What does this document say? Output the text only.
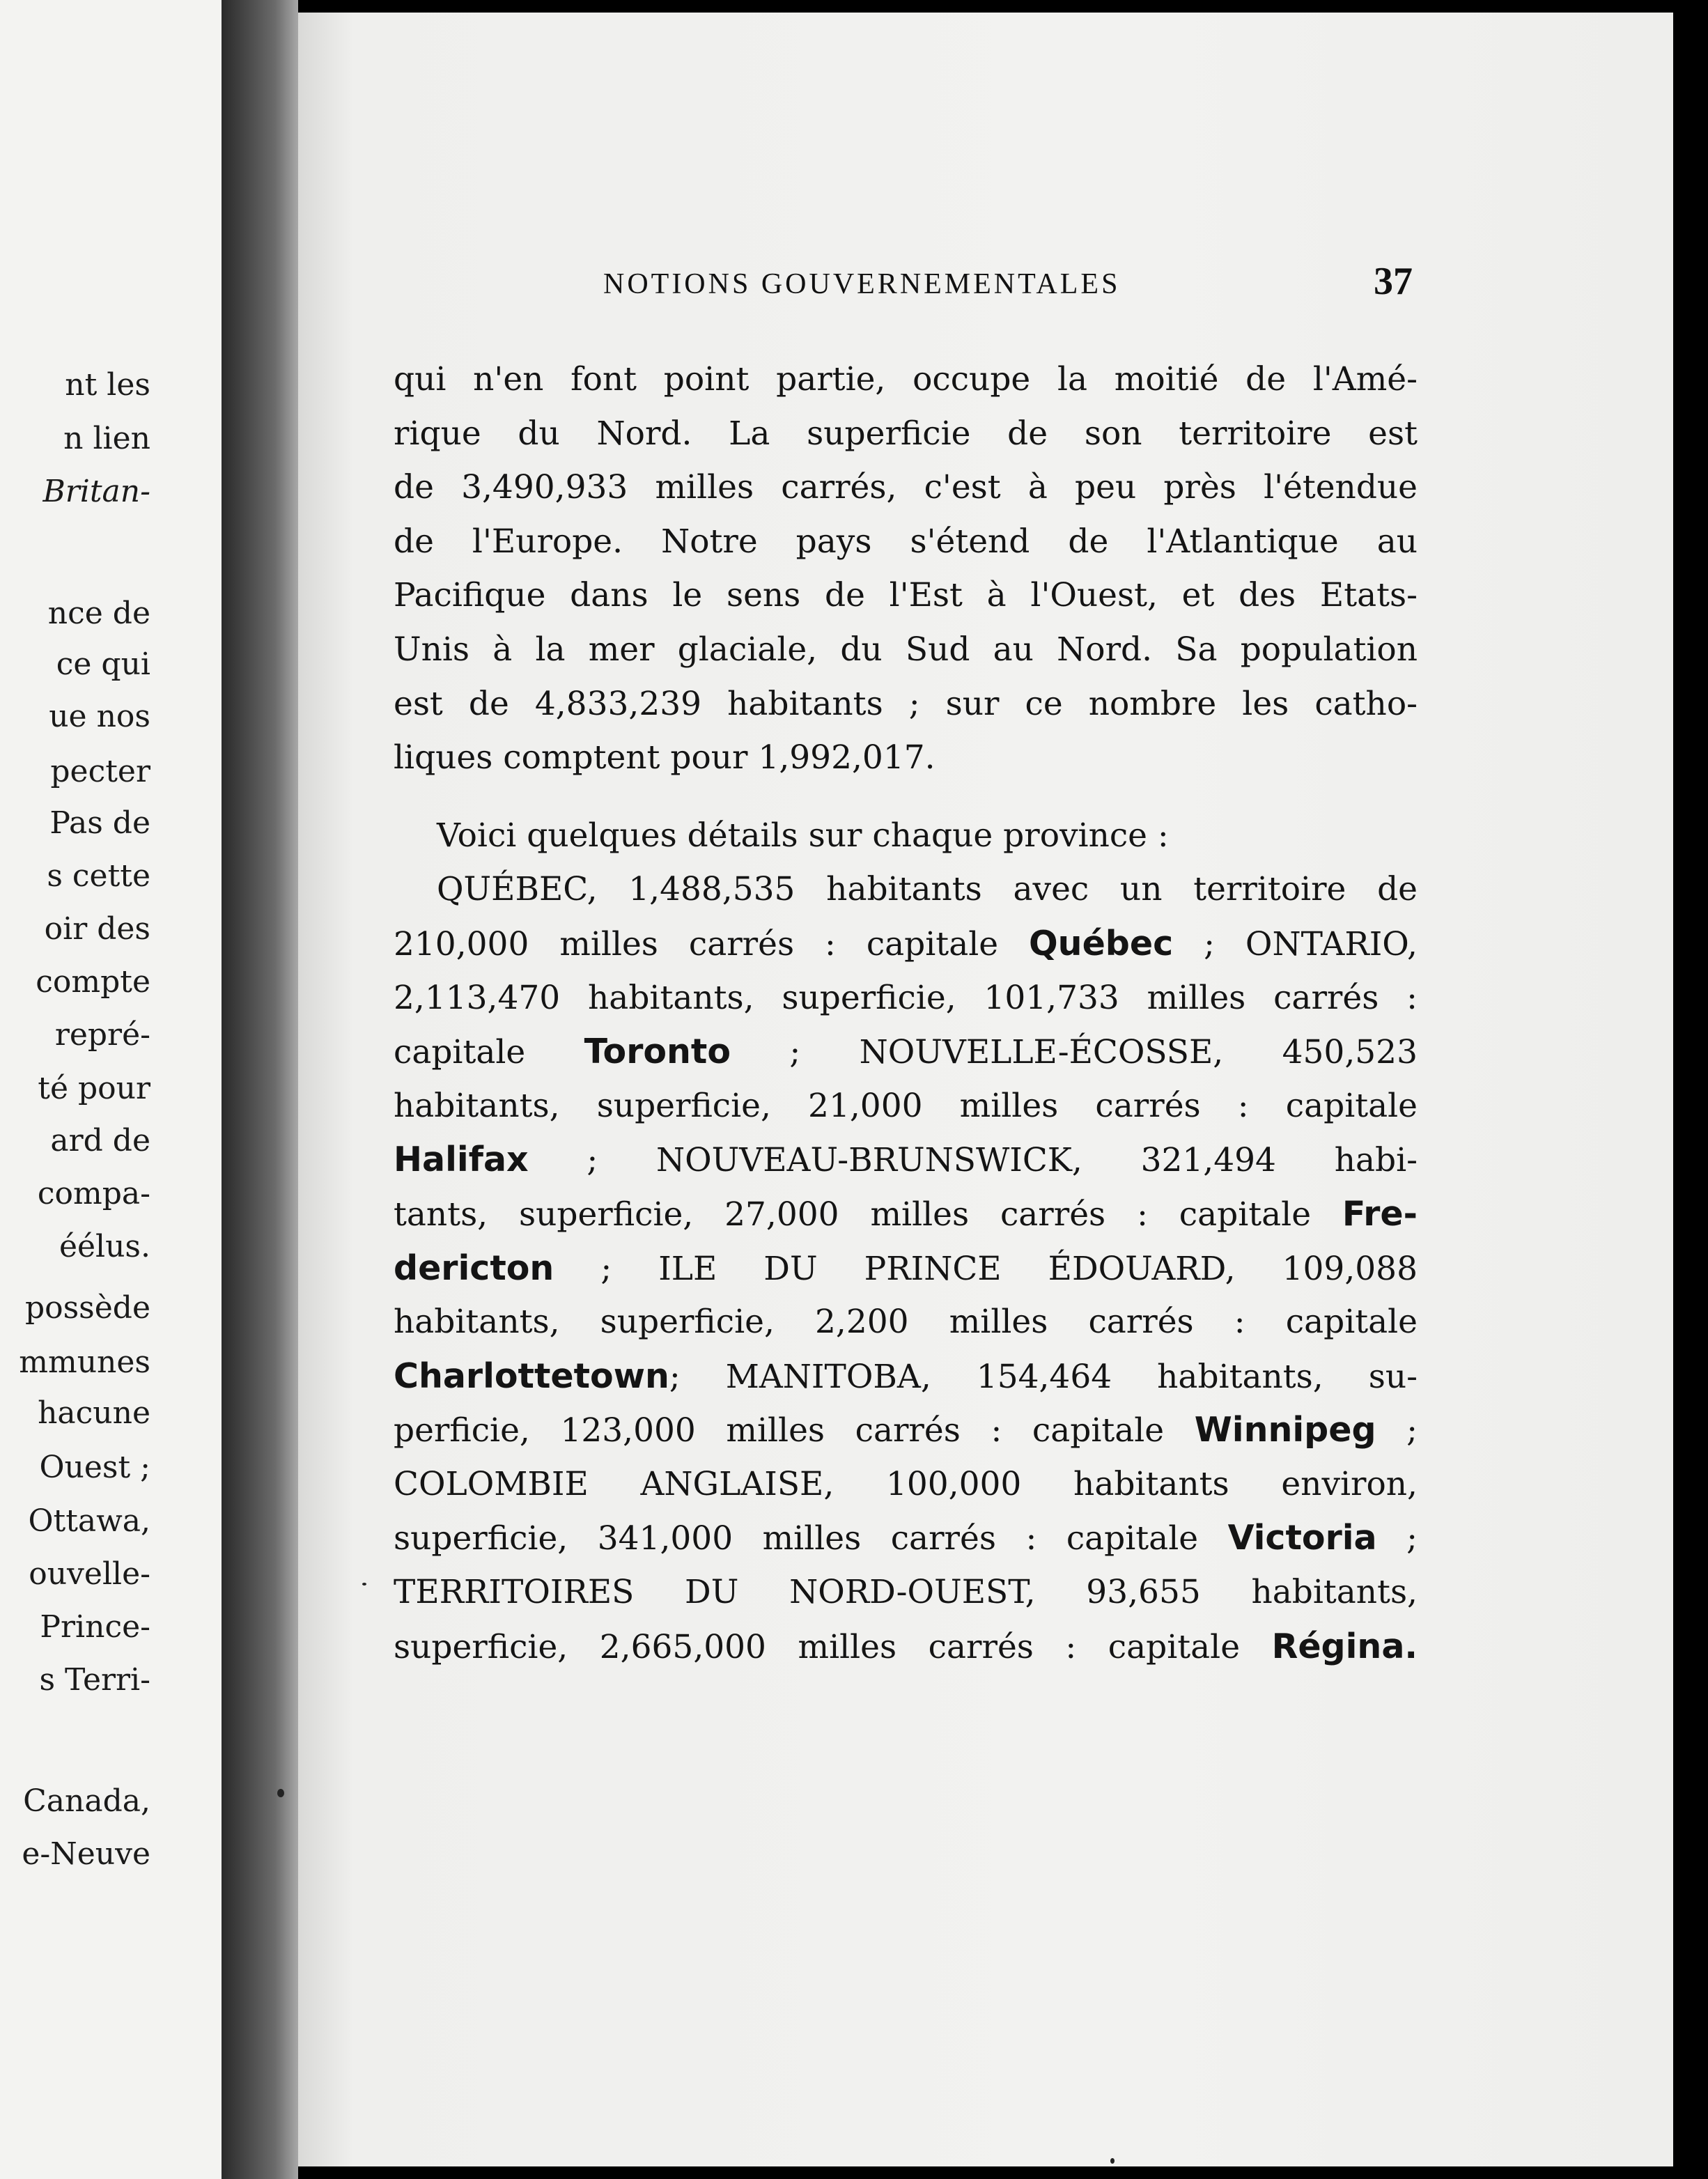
nt les
n lien
Britan-
nce de
ce qui
ue nos
pecter
Pas de
s cette
oir des
compte
repré-
té pour
ard de
compa-
éélus.
possède
mmunes
hacune
Ouest ;
Ottawa,
ouvelle-
Prince-
s Terri-
Canada,
e-Neuve
NOTIONS GOUVERNEMENTALES	37
qui n'en font point partie, occupe la moitié de l'Amé-
rique du Nord. La superficie de son territoire est
de 3,490,933 milles carrés, c'est à peu près l'étendue
de l'Europe. Notre pays s'étend de l'Atlantique au
Pacifique dans le sens de l'Est à l'Ouest, et des Etats-
Unis à la mer glaciale, du Sud au Nord. Sa population
est de 4,833,239 habitants ; sur ce nombre les catho-
liques comptent pour 1,992,017.
Voici quelques détails sur chaque province :
QUÉBEC, 1,488,535 habitants avec un territoire de
210,000 milles carrés : capitale Québec ; ONTARIO,
2,113,470 habitants, superficie, 101,733 milles carrés :
capitale Toronto ; NOUVELLE-ÉCOSSE, 450,523
habitants, superficie, 21,000 milles carrés : capitale
Halifax ; NOUVEAU-BRUNSWICK, 321,494 habi-
tants, superficie, 27,000 milles carrés : capitale Fre-
dericton ; ILE DU PRINCE ÉDOUARD, 109,088
habitants, superficie, 2,200 milles carrés : capitale
Charlottetown; MANITOBA, 154,464 habitants, su-
perficie, 123,000 milles carrés : capitale Winnipeg ;
COLOMBIE ANGLAISE, 100,000 habitants environ,
superficie, 341,000 milles carrés : capitale Victoria ;
TERRITOIRES DU NORD-OUEST, 93,655 habitants,
superficie, 2,665,000 milles carrés : capitale Régina.
